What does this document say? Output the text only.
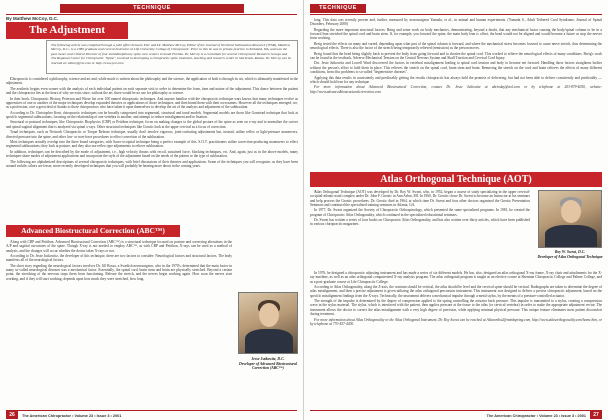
TECHNIQUE
By Matthew McCoy, D.C.
The Adjustment
The following article was compiled through a joint effort between TAC and Dr. Matthew McCoy, Editor of the Journal of Vertebral Subluxation Research (JVSR). Matthew McCoy, D.C., is a 1989 graduate and current Instructor at Life University College of Chiropractic. Prior to this he was in private practice in Kirkland, WA, and was the past owner and Clinical Director of four multidisciplinary spine care centers in South Florida. Dr. McCoy is a consultant for several Chiropractic Research Groups and The Regional Center for Chiropractic "Spine", involved in developing a chiropractic spine treatment, teaching and research center in Sturbrook, Russia. Dr. McCoy can be reached at: editor@jvsr.com or http://www.jvsr.com

Chiropractic is considered a philosophy, science and art and, while much is written about the philosophy and the science, the application of both is through its art, which is ultimately manifested in the adjustment.

The aesthetic begins even sooner with the analysis of each individual patient on each separate visit to order to determine the form, time and nature of the adjustment. This dance between the patient and the chiropractor lies at the heart of why we exist since, without the art, there would be no use for philosophy or science.

In their book, Chiropractic History, Peterson and Wiese list over 100 named chiropractic techniques. And anyone familiar with the chiropractic technique wars knows that many techniques evolve as apprentices of one or another of the major techniques develop expanded theories or applications of those techniques, and then brand them with their own names. However all the techniques emerged, we, as a profession, owe a great deal of thanks to those chiropractors who have taken it upon themselves to develop the art of the analysis and adjustment of the subluxation.

According to Dr. Christopher Kent, chiropractic techniques can be broadly categorized into segmental, structural and tonal models. Segmental models are those like Gonstead technique that look at specific segmental subluxations, focusing on the relationship of one vertebra to another, and attempt to reduce misalignment and/or fixation.

Structural or postural techniques, like Chiropractic Biophysics (CBP) or Pettibon technique, focus on making changes to the global posture of the spine as seen on x-ray and to normalize the curves and spinal sagittal alignment that is analyzed via spinal x-rays. Other structural techniques like Grostic look at the upper cervical as a focus of correction.

Tonal techniques, such as Network Chiropractic or Torque Release technique, usually don't involve vigorous, joint-cavitating adjustments but, instead, utilize reflex or light-pressure maneuvers, directed pressure into the spine, and other low- or non-force procedures to effect correction of the subluxation.

Most techniques actually overlap into the three broad categories, with Sacro-occipital technique being a perfect example of this. S.O.T. practitioners utilize correction-producing maneuvers to effect segmental subluxations; they look at posture, and they also use reflex type adjustments to relieve subluxation.

In addition, techniques can be described by the mode of adjustment, i.e., high velocity thrusts with recoil, sustained force, blocking techniques, etc. And, again, just as in the above models, many techniques share modes of adjustment applications and incorporate the style of the adjustment based on the needs of the patient or the type of subluxation.

The following are alphabetized descriptions of several chiropractic techniques, with brief discussions of their theories and applications. Some of the techniques you will recognize, as they have been around awhile; others are lesser, more recently developed techniques that you will probably be hearing more about in the coming years.

Advanced Biostructural Correction (ABC™)

Along with CBP and Pettibon, Advanced Biostructural Correction (ABC™) is a structural technique focused on posture and correcting alterations in the A/P and sagittal curvatures of the spine. Though X-ray is not needed to employ ABC™, as with CBP and Pettibon, X-rays can be used as a method of analysis, and the changes will occur whether the doctor takes X-rays or not.

According to Dr. Jesse Jutkowitz, the developer of this technique, there are two factors to consider: Neurological factors and structural factors. The body manifests all of the neurological factors.

The short story regarding the neurological factors involves Dr. Jill Bossa, a Swedish neurosurgeon, who in the 1970's, determined that the main factor in many so-called neurological diseases was a mechanical factor. Essentially, the spinal cord, brain stem and brain are physically stretched. Beyond a certain point, the stretching of the nervous stops them from functioning. Release the stretch, and the nerves begin working again. How soon the nerves start working, and if they will start working, depends upon how much they were stretched, how long.

Jesse Jutkowitz, D.C.
Developer of Advanced Biostructural Correction (ABC™)
26	The American Chiropractor • Volume 23 • Issue 3 • 2001
TECHNIQUE

long. This data was recently proven and, further, measured by neurosurgeon Yamada, et al., in animal and human experiments. (Yamada S., Adult Tethered Cord Syndrome, Journal of Spinal Disorders, February 2000)

Regarding the more important structural factors: Bring and some work on body mechanics, demonstrating, beyond a doubt, that any mechanical factor causing the body/spinal column to be in a forward lean stretched the spinal cord and brain stem. If, for example, you forward the spine, the main body lean is offset, the head would not be aligned and would become a future as stop the nerves from working.

Breig tested the effects on many and varied, depending upon what part of the spinal column is forward, and where the mechanical stress becomes focused to cause nerve stretch, thus determining the neurological effects. There is also the factor of the stretch being temporarily relieved (remission) as the person moves.

Breig found that the head being slightly back to prevent the body from going forward and to shorten the spinal cord. This worked to relieve the neurological effects of many conditions. Breig's work can be found in the textbook, Adverse Mechanical Tension on the Central Nervous System and Skull Traction and Cervical Cord Injury.

Drs. Jesse Jutkowitz and Lowell Ward discovered the factors in vertebral misalignment leading to spinal cord tension and body to become net forward. Handling those factors straightens bodies without the person's effort to hold them in place. This relieves the stretch on the spinal cord, brain stem and brain. Removing the stretch on the cord and brain relieves the effects of many different conditions, from disc problems to so-called "degenerative diseases".

Applying this data results in consistently and predictably getting the results chiropractic has always held the promise of delivering, but had not been able to deliver consistently and predictably — which should hold true for any technique.

For more information about Advanced Biostructural Correction, contact Dr. Jesse Jutkowitz at abctoday@aol.com or by telephone at 203-879-4050, website: http://www.advancedbiostructuralcorrection.com

Atlas Orthogonal Technique (AOT)

Atlas Orthogonal Technique (AOT) was developed by Dr. Roy W. Sweat, who, in 1952, began a course of study specializing in the upper cervical-occipital-atlanto-axial complex under Dr. John F. Grostic in Ann Arbor, MI. In 1960, Dr. Grostic chose Dr. Sweat to become an Instructor at his seminars and help process the Grostic procedures. Dr. Grostic died in 1964, at which time Dr. Sweat and four other doctors organized the Grostic Presentation Seminars and continued the specialized training seminars in Atlanta, GA.

In 1977, Dr. Sweat organized the Society of Chiropractic Orthospinology, which presented the same specialized programs. In 1981, he created the program of Chiropractic Atlas Orthogonality, which continued in the specialized educational seminars.

Dr. Sweat has written a series of four books on Chiropractic Atlas Orthogonality, and has also written over thirty articles, which have been published in various chiropractic magazines.

Roy W. Sweat, D.C.
Developer of Atlas Orthogonal Technique

In 1976, he designed a chiropractic adjusting instrument and has made a series of six different models. He has, also, designed an atlas orthogonal X-ray frame, X-ray chair and attachments for the X-ray machine, as well as an atlas orthogonal computerized X-ray analysis program. The atlas orthogonal program is taught as an elective course at Sherman Chiropractic College and Palmer College, and as a post-graduate course at Life Chiropractic College.

According to Atlas Orthogonality, along the Z-axis, the cranium should be vertical, the atlas should be level and the cervical spine should be vertical. Radiographs are taken to determine the degree of atlas misalignment, and then a precise adjustment is given utilizing the atlas orthogonal percussion instrument. This instrument was designed to deliver a precise chiropractic adjustment, based on the specific misalignment findings from the X-rays. Technically, the instrument delivers a mechanical impulse through a metal stylus, by the means of a pressure-controlled actuator.

The strength of the impulse is determined by the degree of compression applied to the spring controlling the actuator back pressure. This impulse is transmitted to a stylus, creating a compression wave in the stylus material. The stylus, which is interfaced with the patient, then applies pressure at the tissue to the atlas (or cervical vertebra) in order to make the appropriate adjustment vector. The instrument allows the doctor to correct the atlas misalignment with a very high degree of precision, while applying minimal physical pressure. This unique feature eliminates most patient discomfort during treatment.

For more information about Atlas Orthogonality or the Atlas Orthogonal Instrument, Dr. Roy Sweat can be reached at Atlasortho2@mindspring.com, http://www.atlasorthogonality.com/home.htm, or by telephone at 770-457-4430.

The American Chiropractor • Volume 23 • Issue 3 • 2001	27
